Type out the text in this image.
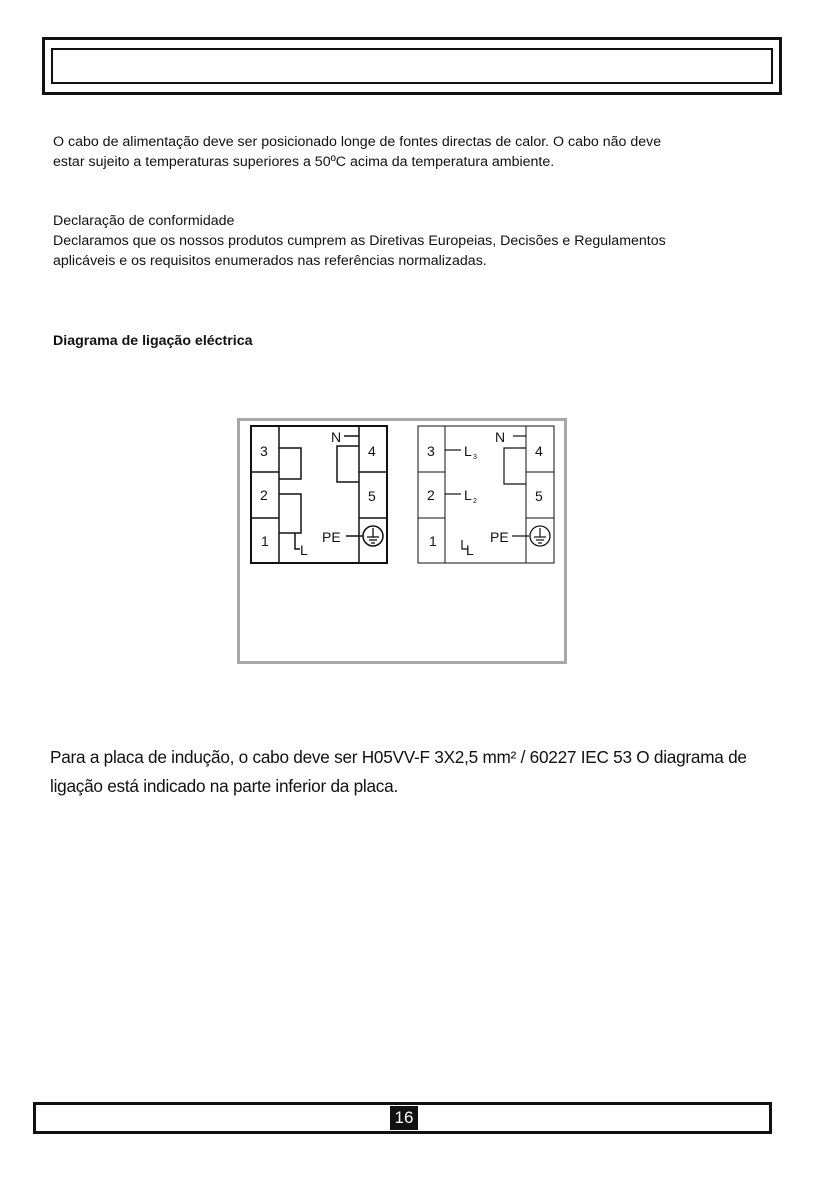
O cabo de alimentação deve ser posicionado longe de fontes directas de calor. O cabo não deve estar sujeito a temperaturas superiores a 50ºC acima da temperatura ambiente.

Declaração de conformidade
Declaramos que os nossos produtos cumprem as Diretivas Europeias, Decisões e Regulamentos aplicáveis e os requisitos enumerados nas referências normalizadas.
Diagrama de ligação eléctrica
3
2
1
4
5
N
L
PE
3
2
1
4
5
N
L 3
L 2
L
PE

Para a placa de indução, o cabo deve ser H05VV-F 3X2,5 mm² / 60227 IEC 53 O diagrama de ligação está indicado na parte inferior da placa.

16
